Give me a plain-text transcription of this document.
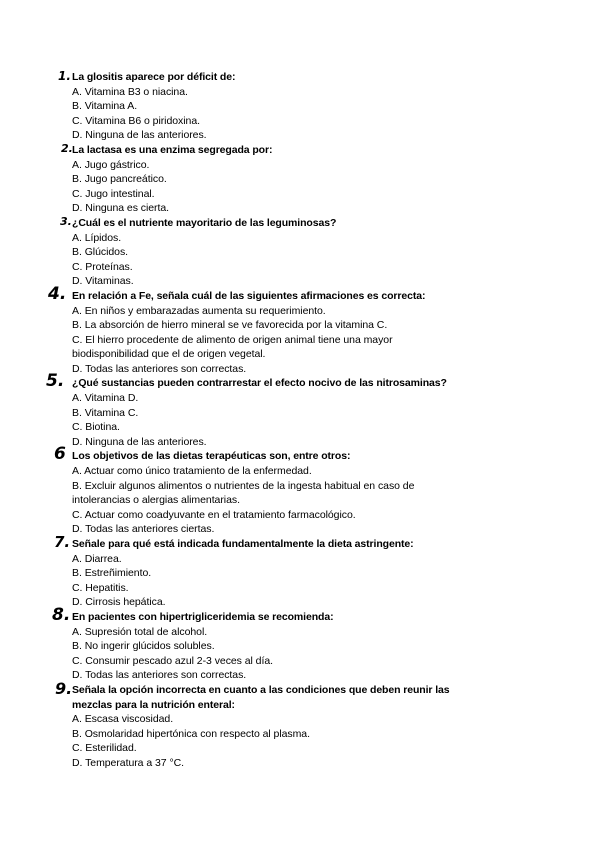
1. La glositis aparece por déficit de:
A. Vitamina B3 o niacina.
B. Vitamina A.
C. Vitamina B6 o piridoxina.
D. Ninguna de las anteriores.
2. La lactasa es una enzima segregada por:
A. Jugo gástrico.
B. Jugo pancreático.
C. Jugo intestinal.
D. Ninguna es cierta.
3. ¿Cuál es el nutriente mayoritario de las leguminosas?
A. Lípidos.
B. Glúcidos.
C. Proteínas.
D. Vitaminas.
4. En relación a Fe, señala cuál de las siguientes afirmaciones es correcta:
A. En niños y embarazadas aumenta su requerimiento.
B. La absorción de hierro mineral se ve favorecida por la vitamina C.
C. El hierro procedente de alimento de origen animal tiene una mayor biodisponibilidad que el de origen vegetal.
D. Todas las anteriores son correctas.
5. ¿Qué sustancias pueden contrarrestar el efecto nocivo de las nitrosaminas?
A. Vitamina D.
B. Vitamina C.
C. Biotina.
D. Ninguna de las anteriores.
6 Los objetivos de las dietas terapéuticas son, entre otros:
A. Actuar como único tratamiento de la enfermedad.
B. Excluir algunos alimentos o nutrientes de la ingesta habitual en caso de intolerancias o alergias alimentarias.
C. Actuar como coadyuvante en el tratamiento farmacológico.
D. Todas las anteriores ciertas.
7. Señale para qué está indicada fundamentalmente la dieta astringente:
A. Diarrea.
B. Estreñimiento.
C. Hepatitis.
D. Cirrosis hepática.
8. En pacientes con hipertrigliceridemia se recomienda:
A. Supresión total de alcohol.
B. No ingerir glúcidos solubles.
C. Consumir pescado azul 2-3 veces al día.
D. Todas las anteriores son correctas.
9. Señala la opción incorrecta en cuanto a las condiciones que deben reunir las mezclas para la nutrición enteral:
A. Escasa viscosidad.
B. Osmolaridad hipertónica con respecto al plasma.
C. Esterilidad.
D. Temperatura a 37 °C.
